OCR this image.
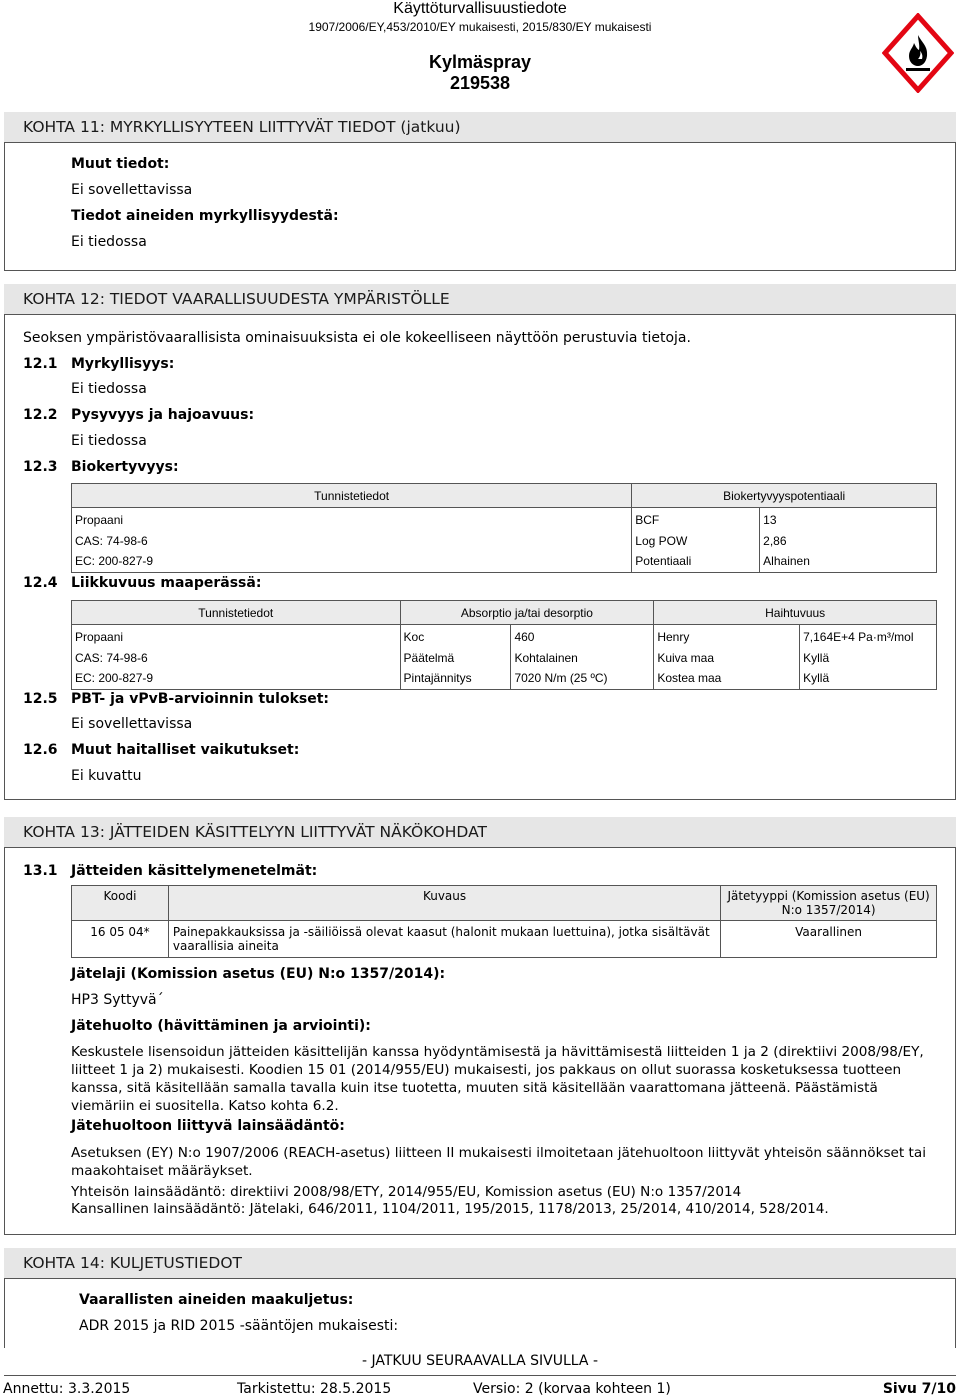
Käyttöturvallisuustiedote
1907/2006/EY,453/2010/EY mukaisesti, 2015/830/EY mukaisesti
Kylmäspray
219538
KOHTA 11: MYRKYLLISYYTEEN LIITTYVÄT TIEDOT (jatkuu)
Muut tiedot:
Ei sovellettavissa
Tiedot aineiden myrkyllisyydestä:
Ei tiedossa
KOHTA 12: TIEDOT VAARALLISUUDESTA YMPÄRISTÖLLE
Seoksen ympäristövaarallisista ominaisuuksista ei ole kokeelliseen näyttöön perustuvia tietoja.
12.1 Myrkyllisyys:
Ei tiedossa
12.2 Pysyvyys ja hajoavuus:
Ei tiedossa
12.3 Biokertyvyys:
Tunnistetiedot	Biokertyvyyspotentiaali	
Propaani	BCF	13
CAS: 74-98-6	Log POW	2,86
EC: 200-827-9	Potentiaali	Alhainen
12.4 Liikkuvuus maaperässä:
Tunnistetiedot	Absorptio ja/tai desorptio		Haihtuvuus	
Propaani	Koc	460	Henry	7,164E+4 Pa·m³/mol
CAS: 74-98-6	Päätelmä	Kohtalainen	Kuiva maa	Kyllä
EC: 200-827-9	Pintajännitys	7020 N/m (25 ºC)	Kostea maa	Kyllä
12.5 PBT- ja vPvB-arvioinnin tulokset:
Ei sovellettavissa
12.6 Muut haitalliset vaikutukset:
Ei kuvattu
KOHTA 13: JÄTTEIDEN KÄSITTELYYN LIITTYVÄT NÄKÖKOHDAT
13.1 Jätteiden käsittelymenetelmät:
Koodi	Kuvaus	Jätetyyppi (Komission asetus (EU) N:o 1357/2014)
16 05 04*	Painepakkauksissa ja -säiliöissä olevat kaasut (halonit mukaan luettuina), jotka sisältävät vaarallisia aineita	Vaarallinen
Jätelaji (Komission asetus (EU) N:o 1357/2014):
HP3 Syttyvä´
Jätehuolto (hävittäminen ja arviointi):
Keskustele lisensoidun jätteiden käsittelijän kanssa hyödyntämisestä ja hävittämisestä liitteiden 1 ja 2 (direktiivi 2008/98/EY, liitteet 1 ja 2) mukaisesti. Koodien 15 01 (2014/955/EU) mukaisesti, jos pakkaus on ollut suorassa kosketuksessa tuotteen kanssa, sitä käsitellään samalla tavalla kuin itse tuotetta, muuten sitä käsitellään vaarattomana jätteenä. Päästämistä viemäriin ei suositella. Katso kohta 6.2.
Jätehuoltoon liittyvä lainsäädäntö:
Asetuksen (EY) N:o 1907/2006 (REACH-asetus) liitteen II mukaisesti ilmoitetaan jätehuoltoon liittyvät yhteisön säännökset tai maakohtaiset määräykset.
Yhteisön lainsäädäntö: direktiivi 2008/98/ETY, 2014/955/EU, Komission asetus (EU) N:o 1357/2014
Kansallinen lainsäädäntö: Jätelaki, 646/2011, 1104/2011, 195/2015, 1178/2013, 25/2014, 410/2014, 528/2014.
KOHTA 14: KULJETUSTIEDOT
Vaarallisten aineiden maakuljetus:
ADR 2015 ja RID 2015 -sääntöjen mukaisesti:
- JATKUU SEURAAVALLA SIVULLA -
Annettu: 3.3.2015	Tarkistettu: 28.5.2015	Versio: 2 (korvaa kohteen 1)	Sivu 7/10
